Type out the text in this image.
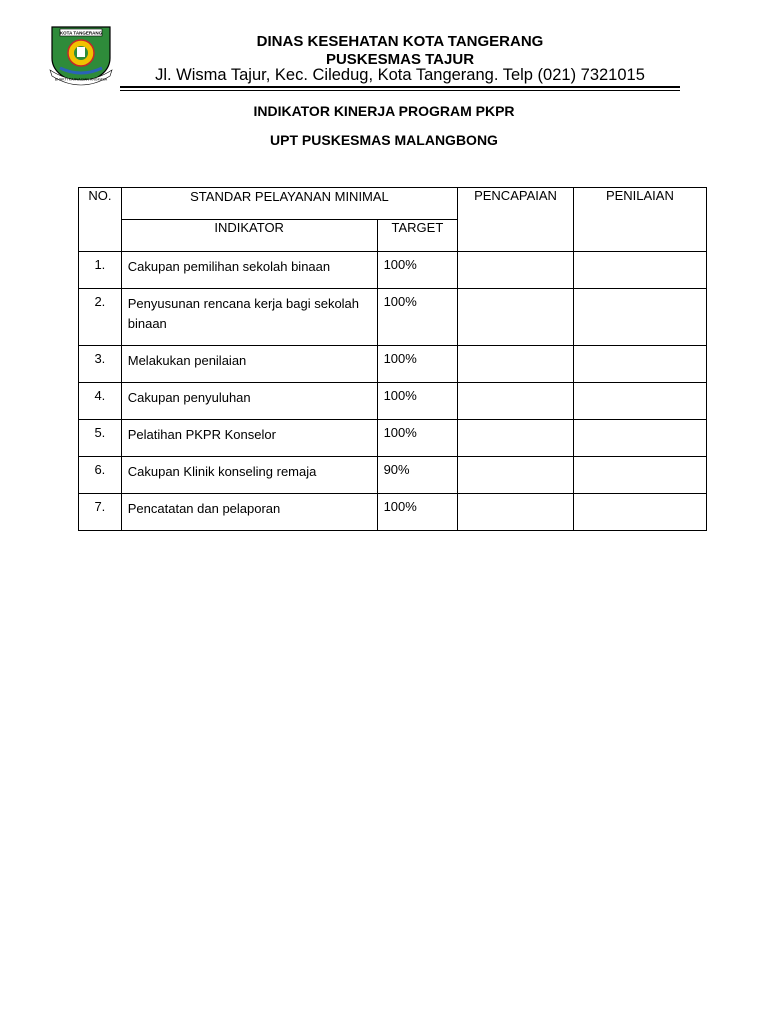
KOTA TANGERANG
BHAKTI KARYA DAN ANGKASA
DINAS KESEHATAN KOTA TANGERANG
PUSKESMAS TAJUR
Jl. Wisma Tajur, Kec. Ciledug, Kota Tangerang. Telp (021) 7321015
INDIKATOR KINERJA PROGRAM PKPR
UPT PUSKESMAS MALANGBONG
NO.	STANDAR PELAYANAN MINIMAL		PENCAPAIAN	PENILAIAN
	INDIKATOR	TARGET		
1.	Cakupan pemilihan sekolah binaan	100%		
2.	Penyusunan rencana kerja bagi sekolah binaan	100%		
3.	Melakukan penilaian	100%		
4.	Cakupan penyuluhan	100%		
5.	Pelatihan PKPR Konselor	100%		
6.	Cakupan Klinik konseling remaja	90%		
7.	Pencatatan dan pelaporan	100%		
